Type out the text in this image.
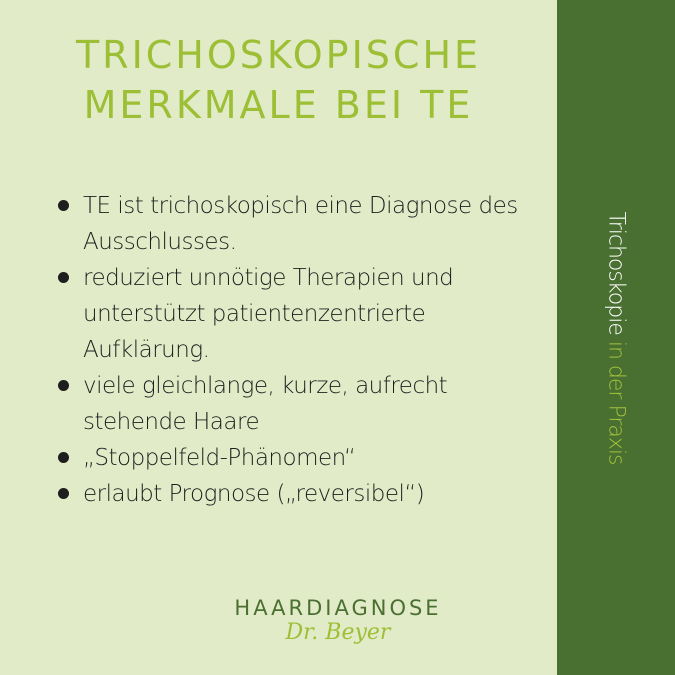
TRICHOSKOPISCHE
MERKMALE BEI TE
TE ist trichoskopisch eine Diagnose des Ausschlusses.
reduziert unnötige Therapien und unterstützt patientenzentrierte Aufklärung.
viele gleichlange, kurze, aufrecht stehende Haare
„Stoppelfeld-Phänomen“
erlaubt Prognose („reversibel“)
HAARDIAGNOSE
Dr. Beyer
Trichoskopie in der Praxis
